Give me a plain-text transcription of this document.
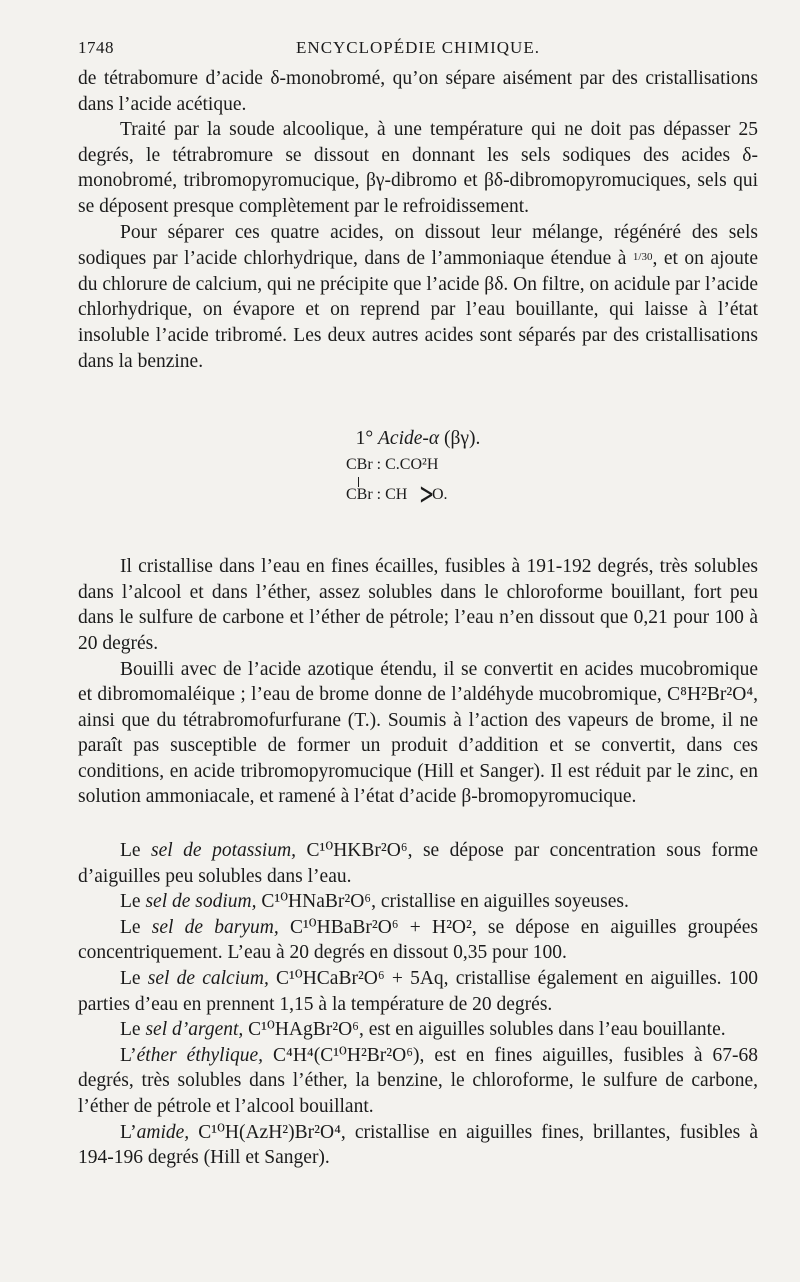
1748	ENCYCLOPÉDIE CHIMIQUE.

de tétrabomure d’acide δ-monobromé, qu’on sépare aisément par des cristallisations dans l’acide acétique.

Traité par la soude alcoolique, à une température qui ne doit pas dépasser 25 degrés, le tétrabromure se dissout en donnant les sels sodiques des acides δ-monobromé, tribromopyromucique, βγ-dibromo et βδ-dibromopyromuciques, sels qui se déposent presque complètement par le refroidissement.

Pour séparer ces quatre acides, on dissout leur mélange, régénéré des sels sodiques par l’acide chlorhydrique, dans de l’ammoniaque étendue à $^{1/30}$, et on ajoute du chlorure de calcium, qui ne précipite que l’acide βδ. On filtre, on acidule par l’acide chlorhydrique, on évapore et on reprend par l’eau bouillante, qui laisse à l’état insoluble l’acide tribromé. Les deux autres acides sont séparés par des cristallisations dans la benzine.

1° Acide-α (βγ).
CBr : C.CO²H
CBr : CH >
O.

Il cristallise dans l’eau en fines écailles, fusibles à 191-192 degrés, très solubles dans l’alcool et dans l’éther, assez solubles dans le chloroforme bouillant, fort peu dans le sulfure de carbone et l’éther de pétrole; l’eau n’en dissout que 0,21 pour 100 à 20 degrés.

Bouilli avec de l’acide azotique étendu, il se convertit en acides mucobromique et dibromomaléique ; l’eau de brome donne de l’aldéhyde mucobromique, C⁸H²Br²O⁴, ainsi que du tétrabromofurfurane (T.). Soumis à l’action des vapeurs de brome, il ne paraît pas susceptible de former un produit d’addition et se convertit, dans ces conditions, en acide tribromopyromucique (Hill et Sanger). Il est réduit par le zinc, en solution ammoniacale, et ramené à l’état d’acide β-bromopyromucique.

Le sel de potassium, C¹⁰HKBr²O⁶, se dépose par concentration sous forme d’aiguilles peu solubles dans l’eau.

Le sel de sodium, C¹⁰HNaBr²O⁶, cristallise en aiguilles soyeuses.

Le sel de baryum, C¹⁰HBaBr²O⁶ + H²O², se dépose en aiguilles groupées concentriquement. L’eau à 20 degrés en dissout 0,35 pour 100.

Le sel de calcium, C¹⁰HCaBr²O⁶ + 5Aq, cristallise également en aiguilles. 100 parties d’eau en prennent 1,15 à la température de 20 degrés.

Le sel d’argent, C¹⁰HAgBr²O⁶, est en aiguilles solubles dans l’eau bouillante.

L’éther éthylique, C⁴H⁴(C¹⁰H²Br²O⁶), est en fines aiguilles, fusibles à 67-68 degrés, très solubles dans l’éther, la benzine, le chloroforme, le sulfure de carbone, l’éther de pétrole et l’alcool bouillant.

L’amide, C¹⁰H(AzH²)Br²O⁴, cristallise en aiguilles fines, brillantes, fusibles à 194-196 degrés (Hill et Sanger).
